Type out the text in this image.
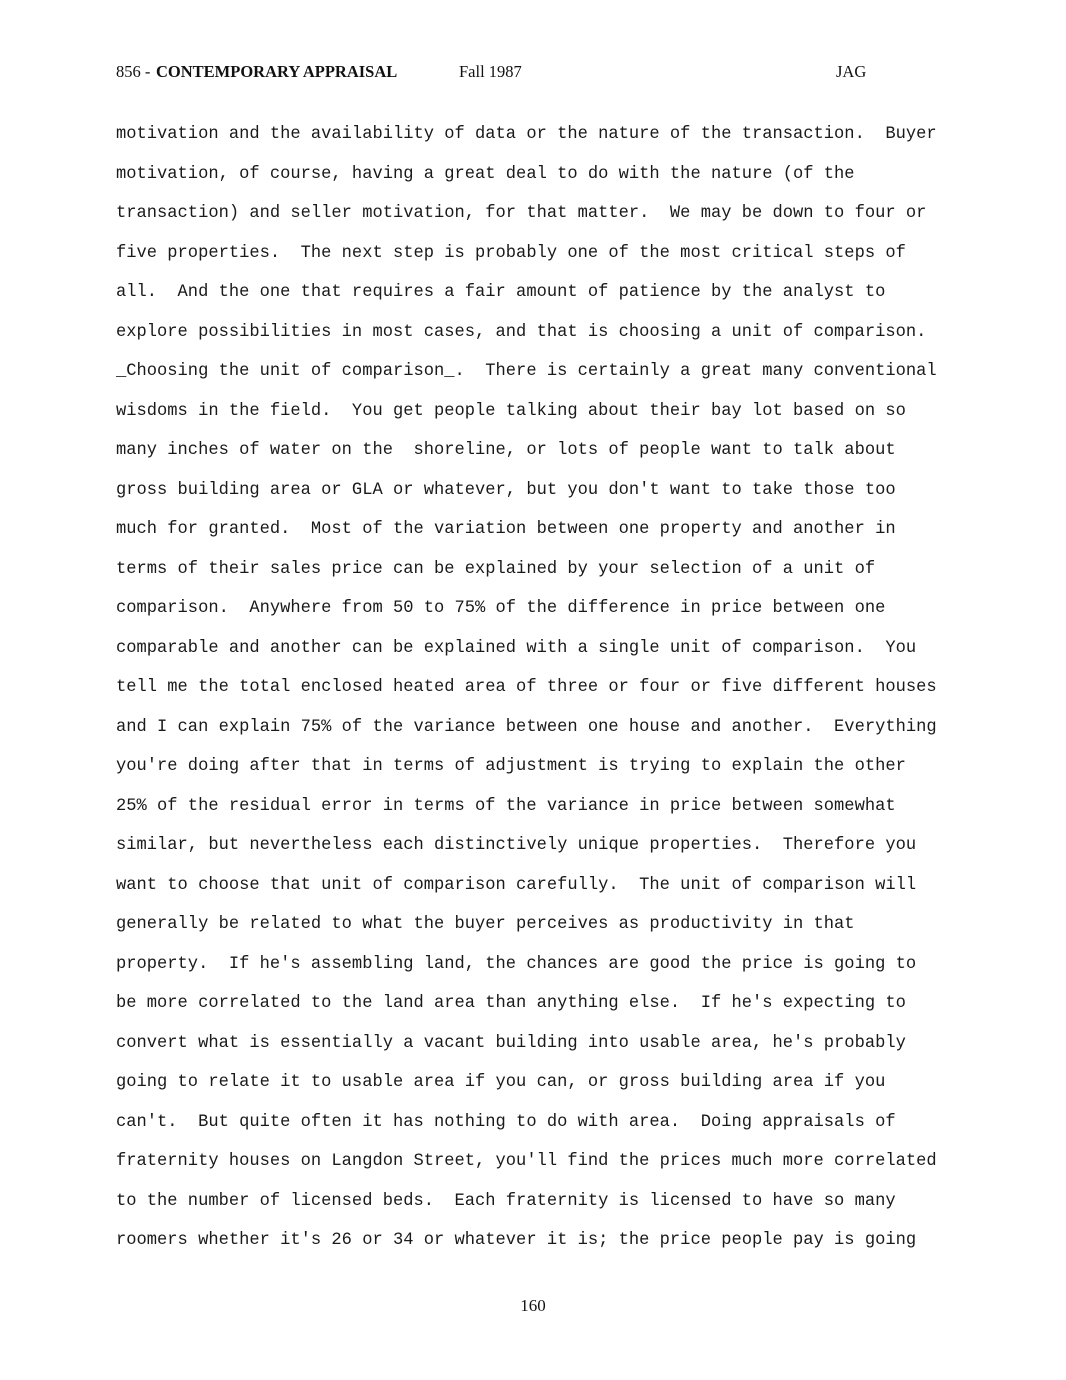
856 - CONTEMPORARY APPRAISAL	Fall 1987	JAG
motivation and the availability of data or the nature of the transaction.  Buyer
motivation, of course, having a great deal to do with the nature (of the
transaction) and seller motivation, for that matter.  We may be down to four or
five properties.  The next step is probably one of the most critical steps of
all.  And the one that requires a fair amount of patience by the analyst to
explore possibilities in most cases, and that is choosing a unit of comparison.
_Choosing the unit of comparison_.  There is certainly a great many conventional
wisdoms in the field.  You get people talking about their bay lot based on so
many inches of water on the  shoreline, or lots of people want to talk about
gross building area or GLA or whatever, but you don't want to take those too
much for granted.  Most of the variation between one property and another in
terms of their sales price can be explained by your selection of a unit of
comparison.  Anywhere from 50 to 75% of the difference in price between one
comparable and another can be explained with a single unit of comparison.  You
tell me the total enclosed heated area of three or four or five different houses
and I can explain 75% of the variance between one house and another.  Everything
you're doing after that in terms of adjustment is trying to explain the other
25% of the residual error in terms of the variance in price between somewhat
similar, but nevertheless each distinctively unique properties.  Therefore you
want to choose that unit of comparison carefully.  The unit of comparison will
generally be related to what the buyer perceives as productivity in that
property.  If he's assembling land, the chances are good the price is going to
be more correlated to the land area than anything else.  If he's expecting to
convert what is essentially a vacant building into usable area, he's probably
going to relate it to usable area if you can, or gross building area if you
can't.  But quite often it has nothing to do with area.  Doing appraisals of
fraternity houses on Langdon Street, you'll find the prices much more correlated
to the number of licensed beds.  Each fraternity is licensed to have so many
roomers whether it's 26 or 34 or whatever it is; the price people pay is going
160
